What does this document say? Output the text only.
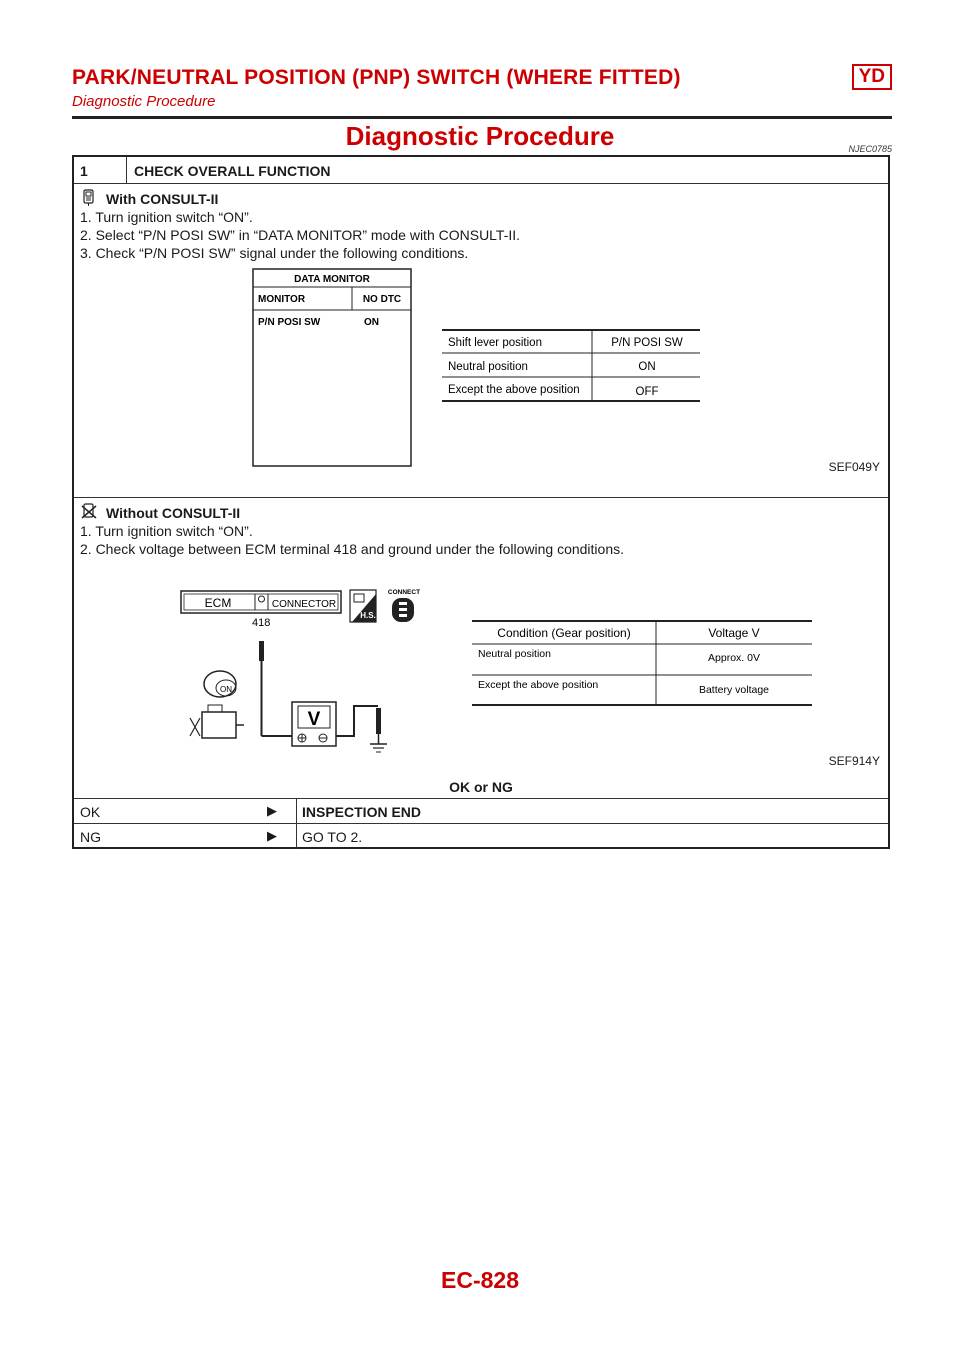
PARK/NEUTRAL POSITION (PNP) SWITCH (WHERE FITTED)	YD
Diagnostic Procedure
Diagnostic Procedure	NJEC0785
1	CHECK OVERALL FUNCTION
With CONSULT-II
1. Turn ignition switch “ON”.
2. Select “P/N POSI SW” in “DATA MONITOR” mode with CONSULT-II.
3. Check “P/N POSI SW” signal under the following conditions.
DATA MONITOR
MONITOR	NO DTC
P/N POSI SW	ON
Shift lever position	P/N POSI SW
Neutral position	ON
Except the above position	OFF
SEF049Y
Without CONSULT-II
1. Turn ignition switch “ON”.
2. Check voltage between ECM terminal 418 and ground under the following conditions.
ECM	CONNECTOR
418
V
ON
H.S.
CONNECT
Condition (Gear position)	Voltage V
Neutral position	Approx. 0V
Except the above position	Battery voltage
SEF914Y
OK or NG
OK	▶ INSPECTION END
NG	▶ GO TO 2.
EC-828
